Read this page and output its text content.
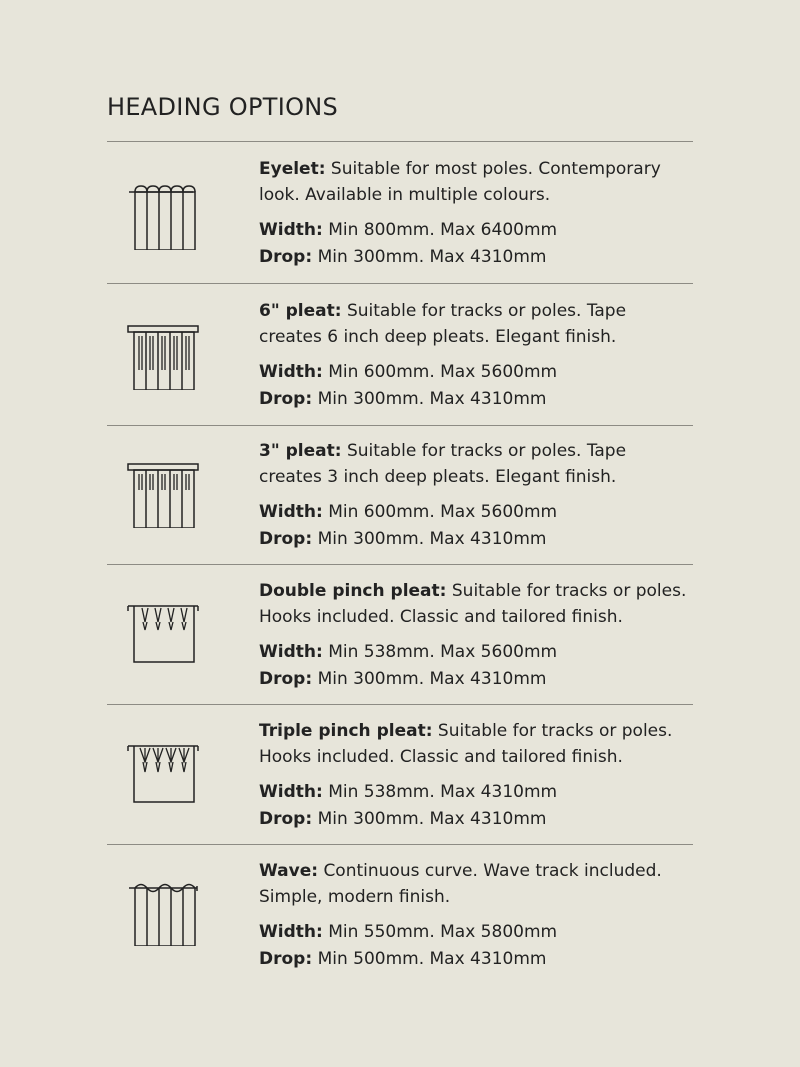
HEADING OPTIONS

Eyelet: Suitable for most poles. Contemporary look. Available in multiple colours.

Width: Min 800mm. Max 6400mm

Drop: Min 300mm. Max 4310mm

6" pleat: Suitable for tracks or poles. Tape creates 6 inch deep pleats. Elegant finish.

Width: Min 600mm. Max 5600mm

Drop: Min 300mm. Max 4310mm

3" pleat: Suitable for tracks or poles. Tape creates 3 inch deep pleats. Elegant finish.

Width: Min 600mm. Max 5600mm

Drop: Min 300mm. Max 4310mm

Double pinch pleat: Suitable for tracks or poles. Hooks included. Classic and tailored finish.

Width: Min 538mm. Max 5600mm

Drop: Min 300mm. Max 4310mm

Triple pinch pleat: Suitable for tracks or poles. Hooks included. Classic and tailored finish.

Width: Min 538mm. Max 4310mm

Drop: Min 300mm. Max 4310mm

Wave: Continuous curve. Wave track included. Simple, modern finish.

Width: Min 550mm. Max 5800mm

Drop: Min 500mm. Max 4310mm
